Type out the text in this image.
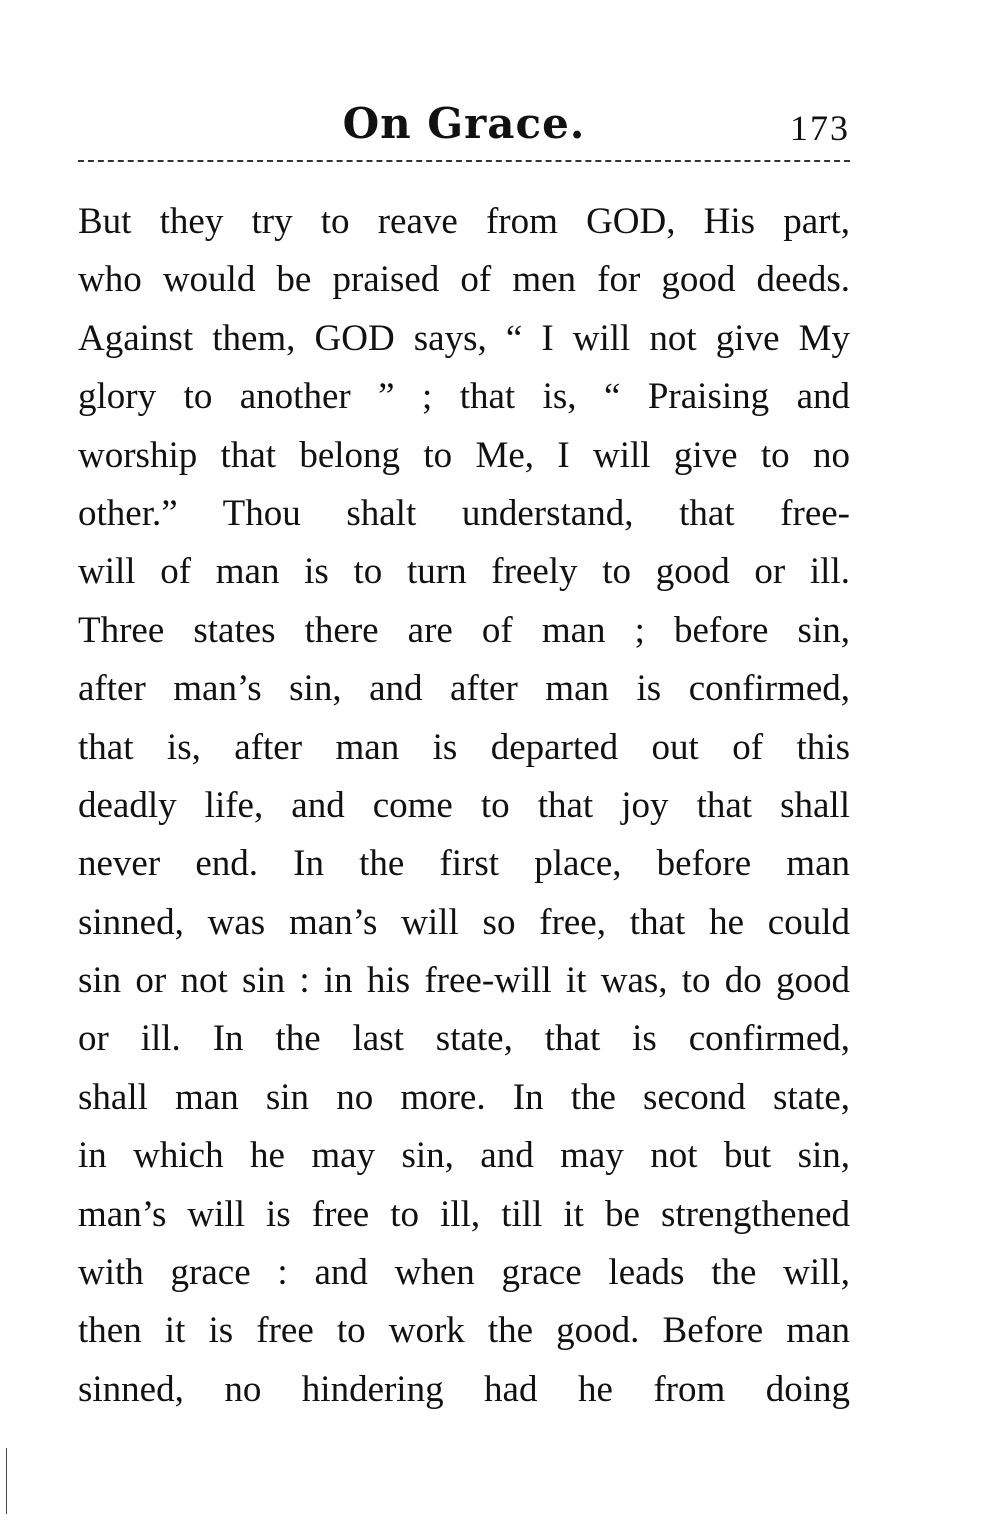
On Grace.	173
But they try to reave from GOD, His part,
who would be praised of men for good deeds.
Against them, GOD says, “ I will not give My
glory to another ” ; that is, “ Praising and
worship that belong to Me, I will give to no
other.” Thou shalt understand, that free-
will of man is to turn freely to good or ill.
Three states there are of man ; before sin,
after man’s sin, and after man is confirmed,
that is, after man is departed out of this
deadly life, and come to that joy that shall
never end. In the first place, before man
sinned, was man’s will so free, that he could
sin or not sin : in his free-will it was, to do good
or ill. In the last state, that is confirmed,
shall man sin no more. In the second state,
in which he may sin, and may not but sin,
man’s will is free to ill, till it be strengthened
with grace : and when grace leads the will,
then it is free to work the good. Before man
sinned, no hindering had he from doing
